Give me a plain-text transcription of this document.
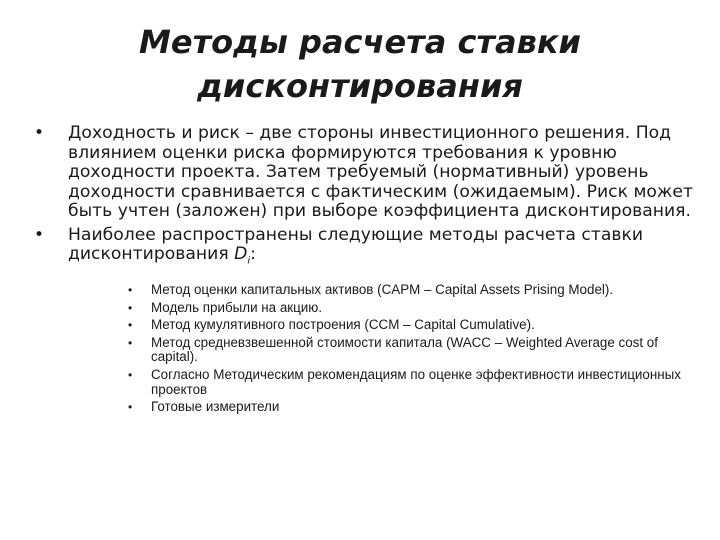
Методы расчета ставки
дисконтирования
• Доходность и риск – две стороны инвестиционного решения. Под влиянием оценки риска формируются требования к уровню доходности проекта. Затем требуемый (нормативный) уровень доходности сравнивается с фактическим (ожидаемым). Риск может быть учтен (заложен) при выборе коэффициента дисконтирования.
• Наиболее распространены следующие методы расчета ставки дисконтирования $D_i$:
• Метод оценки капитальных активов (CAPM – Capital Assets Prising Model).
• Модель прибыли на акцию.
• Метод кумулятивного построения (CCM – Capital Cumulative).
• Метод средневзвешенной стоимости капитала (WACC – Weighted Average cost of capital).
• Согласно Методическим рекомендациям по оценке эффективности инвестиционных проектов
• Готовые измерители
